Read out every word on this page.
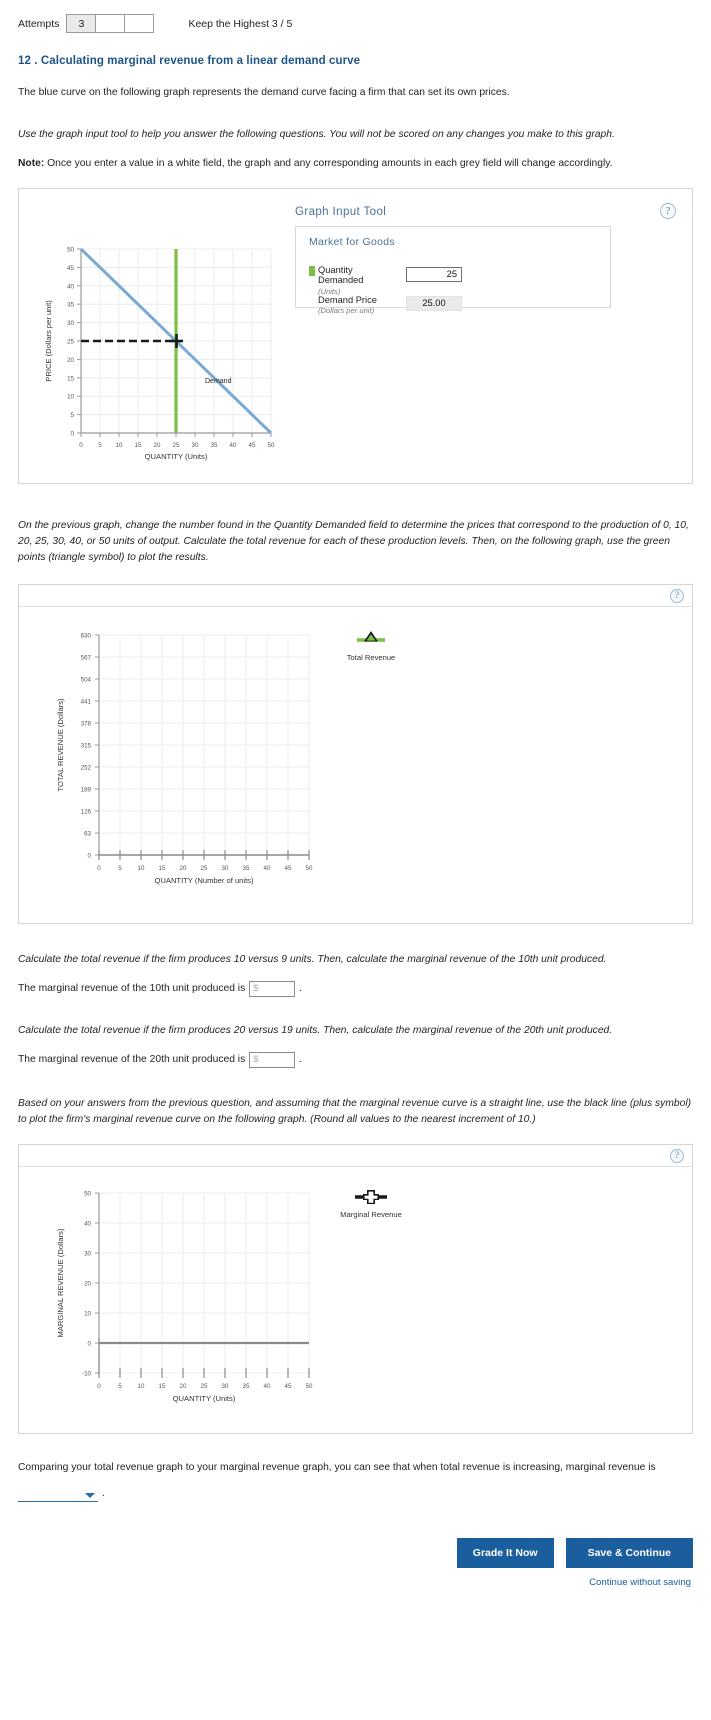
Attempts	3	Keep the Highest 3 / 5
12 . Calculating marginal revenue from a linear demand curve

The blue curve on the following graph represents the demand curve facing a firm that can set its own prices.

Use the graph input tool to help you answer the following questions. You will not be scored on any changes you make to this graph.

Note: Once you enter a value in a white field, the graph and any corresponding amounts in each grey field will change accordingly.

?
Graph Input Tool
Market for Goods
Quantity
Demanded
(Units)
25
Demand Price
(Dollars per unit)
25.00
50
45
40
35
30
25
20
15
10
5
0
0	5 10 15 20 25 30 35 40 45 50
Demand
QUANTITY (Units)
PRICE (Dollars per unit)

On the previous graph, change the number found in the Quantity Demanded field to determine the prices that correspond to the production of 0, 10, 20, 25, 30, 40, or 50 units of output. Calculate the total revenue for each of these production levels. Then, on the following graph, use the green points (triangle symbol) to plot the results.

?
630
567
504
441
378
315
252
189
126
63
0
0	5	10 15 20 25 30 35 40 45 50
QUANTITY (Number of units)
TOTAL REVENUE (Dollars)
Total Revenue

Calculate the total revenue if the firm produces 10 versus 9 units. Then, calculate the marginal revenue of the 10th unit produced.

The marginal revenue of the 10th unit produced is $	.

Calculate the total revenue if the firm produces 20 versus 19 units. Then, calculate the marginal revenue of the 20th unit produced.

The marginal revenue of the 20th unit produced is $	.

Based on your answers from the previous question, and assuming that the marginal revenue curve is a straight line, use the black line (plus symbol) to plot the firm's marginal revenue curve on the following graph. (Round all values to the nearest increment of 10.)

?
50
40
30
20
10
0
-10
0	5	10 15 20 25 30 35 40 45 50
QUANTITY (Units)
MARGINAL REVENUE (Dollars)
Marginal Revenue

Comparing your total revenue graph to your marginal revenue graph, you can see that when total revenue is increasing, marginal revenue is

.
Grade It Now	Save & Continue
Continue without saving
